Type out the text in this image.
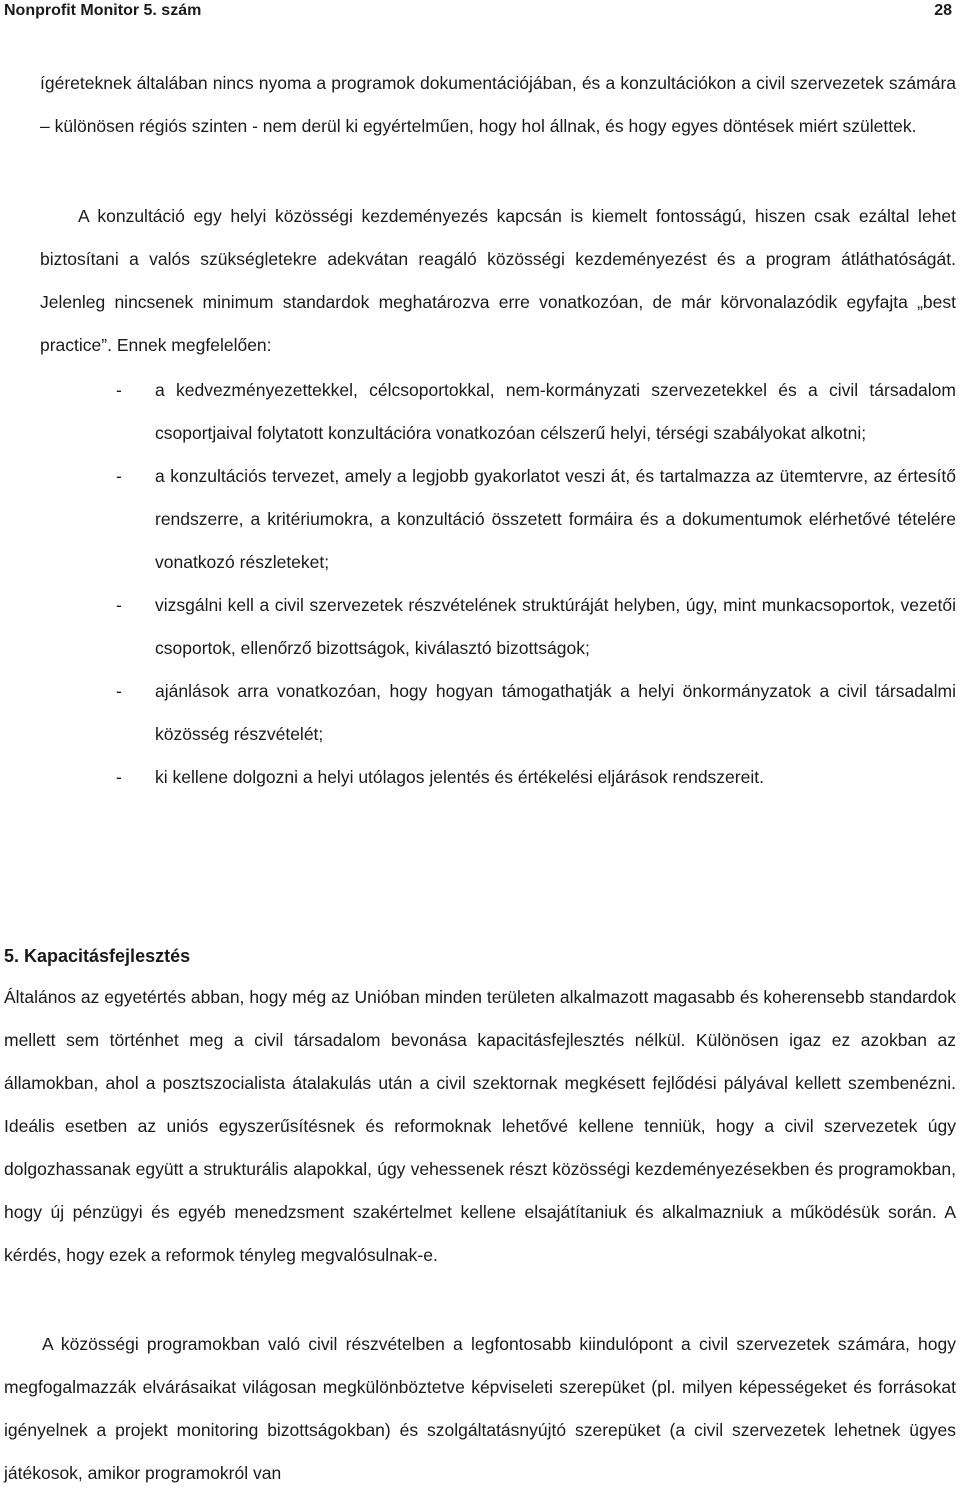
Nonprofit Monitor 5. szám	28

ígéreteknek általában nincs nyoma a programok dokumentációjában, és a konzultációkon a civil szervezetek számára – különösen régiós szinten - nem derül ki egyértelműen, hogy hol állnak, és hogy egyes döntések miért születtek.

A konzultáció egy helyi közösségi kezdeményezés kapcsán is kiemelt fontosságú, hiszen csak ezáltal lehet biztosítani a valós szükségletekre adekvátan reagáló közösségi kezdeményezést és a program átláthatóságát. Jelenleg nincsenek minimum standardok meghatározva erre vonatkozóan, de már körvonalazódik egyfajta „best practice”. Ennek megfelelően:

- a kedvezményezettekkel, célcsoportokkal, nem-kormányzati szervezetekkel és a civil társadalom csoportjaival folytatott konzultációra vonatkozóan célszerű helyi, térségi szabályokat alkotni;
- a konzultációs tervezet, amely a legjobb gyakorlatot veszi át, és tartalmazza az ütemtervre, az értesítő rendszerre, a kritériumokra, a konzultáció összetett formáira és a dokumentumok elérhetővé tételére vonatkozó részleteket;
- vizsgálni kell a civil szervezetek részvételének struktúráját helyben, úgy, mint munkacsoportok, vezetői csoportok, ellenőrző bizottságok, kiválasztó bizottságok;
- ajánlások arra vonatkozóan, hogy hogyan támogathatják a helyi önkormányzatok a civil társadalmi közösség részvételét;
- ki kellene dolgozni a helyi utólagos jelentés és értékelési eljárások rendszereit.
5. Kapacitásfejlesztés

Általános az egyetértés abban, hogy még az Unióban minden területen alkalmazott magasabb és koherensebb standardok mellett sem történhet meg a civil társadalom bevonása kapacitásfejlesztés nélkül. Különösen igaz ez azokban az államokban, ahol a posztszocialista átalakulás után a civil szektornak megkésett fejlődési pályával kellett szembenézni. Ideális esetben az uniós egyszerűsítésnek és reformoknak lehetővé kellene tenniük, hogy a civil szervezetek úgy dolgozhassanak együtt a strukturális alapokkal, úgy vehessenek részt közösségi kezdeményezésekben és programokban, hogy új pénzügyi és egyéb menedzsment szakértelmet kellene elsajátítaniuk és alkalmazniuk a működésük során. A kérdés, hogy ezek a reformok tényleg megvalósulnak-e.

A közösségi programokban való civil részvételben a legfontosabb kiindulópont a civil szervezetek számára, hogy megfogalmazzák elvárásaikat világosan megkülönböztetve képviseleti szerepüket (pl. milyen képességeket és forrásokat igényelnek a projekt monitoring bizottságokban) és szolgáltatásnyújtó szerepüket (a civil szervezetek lehetnek ügyes játékosok, amikor programokról van
